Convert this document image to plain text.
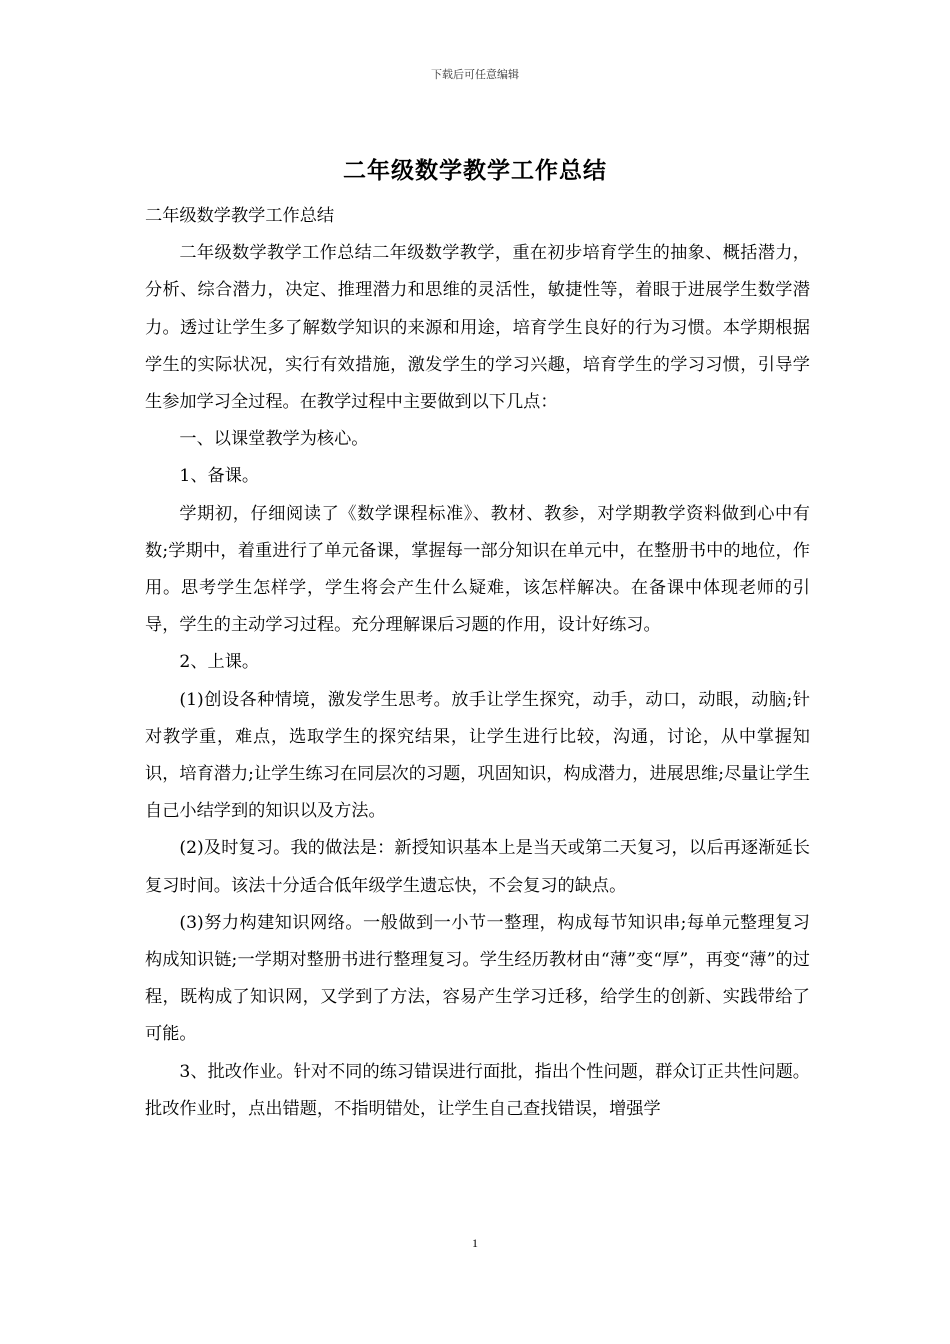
下载后可任意编辑
二年级数学教学工作总结

二年级数学教学工作总结

二年级数学教学工作总结二年级数学教学，重在初步培育学生的抽象、概括潜力，分析、综合潜力，决定、推理潜力和思维的灵活性，敏捷性等，着眼于进展学生数学潜力。透过让学生多了解数学知识的来源和用途，培育学生良好的行为习惯。本学期根据学生的实际状况，实行有效措施，激发学生的学习兴趣，培育学生的学习习惯，引导学生参加学习全过程。在教学过程中主要做到以下几点：

一、以课堂教学为核心。

1、备课。

学期初，仔细阅读了《数学课程标准》、教材、教参，对学期教学资料做到心中有数;学期中，着重进行了单元备课，掌握每一部分知识在单元中，在整册书中的地位，作用。思考学生怎样学，学生将会产生什么疑难，该怎样解决。在备课中体现老师的引导，学生的主动学习过程。充分理解课后习题的作用，设计好练习。

2、上课。

(1)创设各种情境，激发学生思考。放手让学生探究，动手，动口，动眼，动脑;针对教学重，难点，选取学生的探究结果，让学生进行比较，沟通，讨论，从中掌握知识，培育潜力;让学生练习在同层次的习题，巩固知识，构成潜力，进展思维;尽量让学生自己小结学到的知识以及方法。

(2)及时复习。我的做法是：新授知识基本上是当天或第二天复习，以后再逐渐延长复习时间。该法十分适合低年级学生遗忘快，不会复习的缺点。

(3)努力构建知识网络。一般做到一小节一整理，构成每节知识串;每单元整理复习构成知识链;一学期对整册书进行整理复习。学生经历教材由“薄”变“厚”，再变“薄”的过程，既构成了知识网，又学到了方法，容易产生学习迁移，给学生的创新、实践带给了可能。

3、批改作业。针对不同的练习错误进行面批，指出个性问题，群众订正共性问题。批改作业时，点出错题，不指明错处，让学生自己查找错误，增强学

1
